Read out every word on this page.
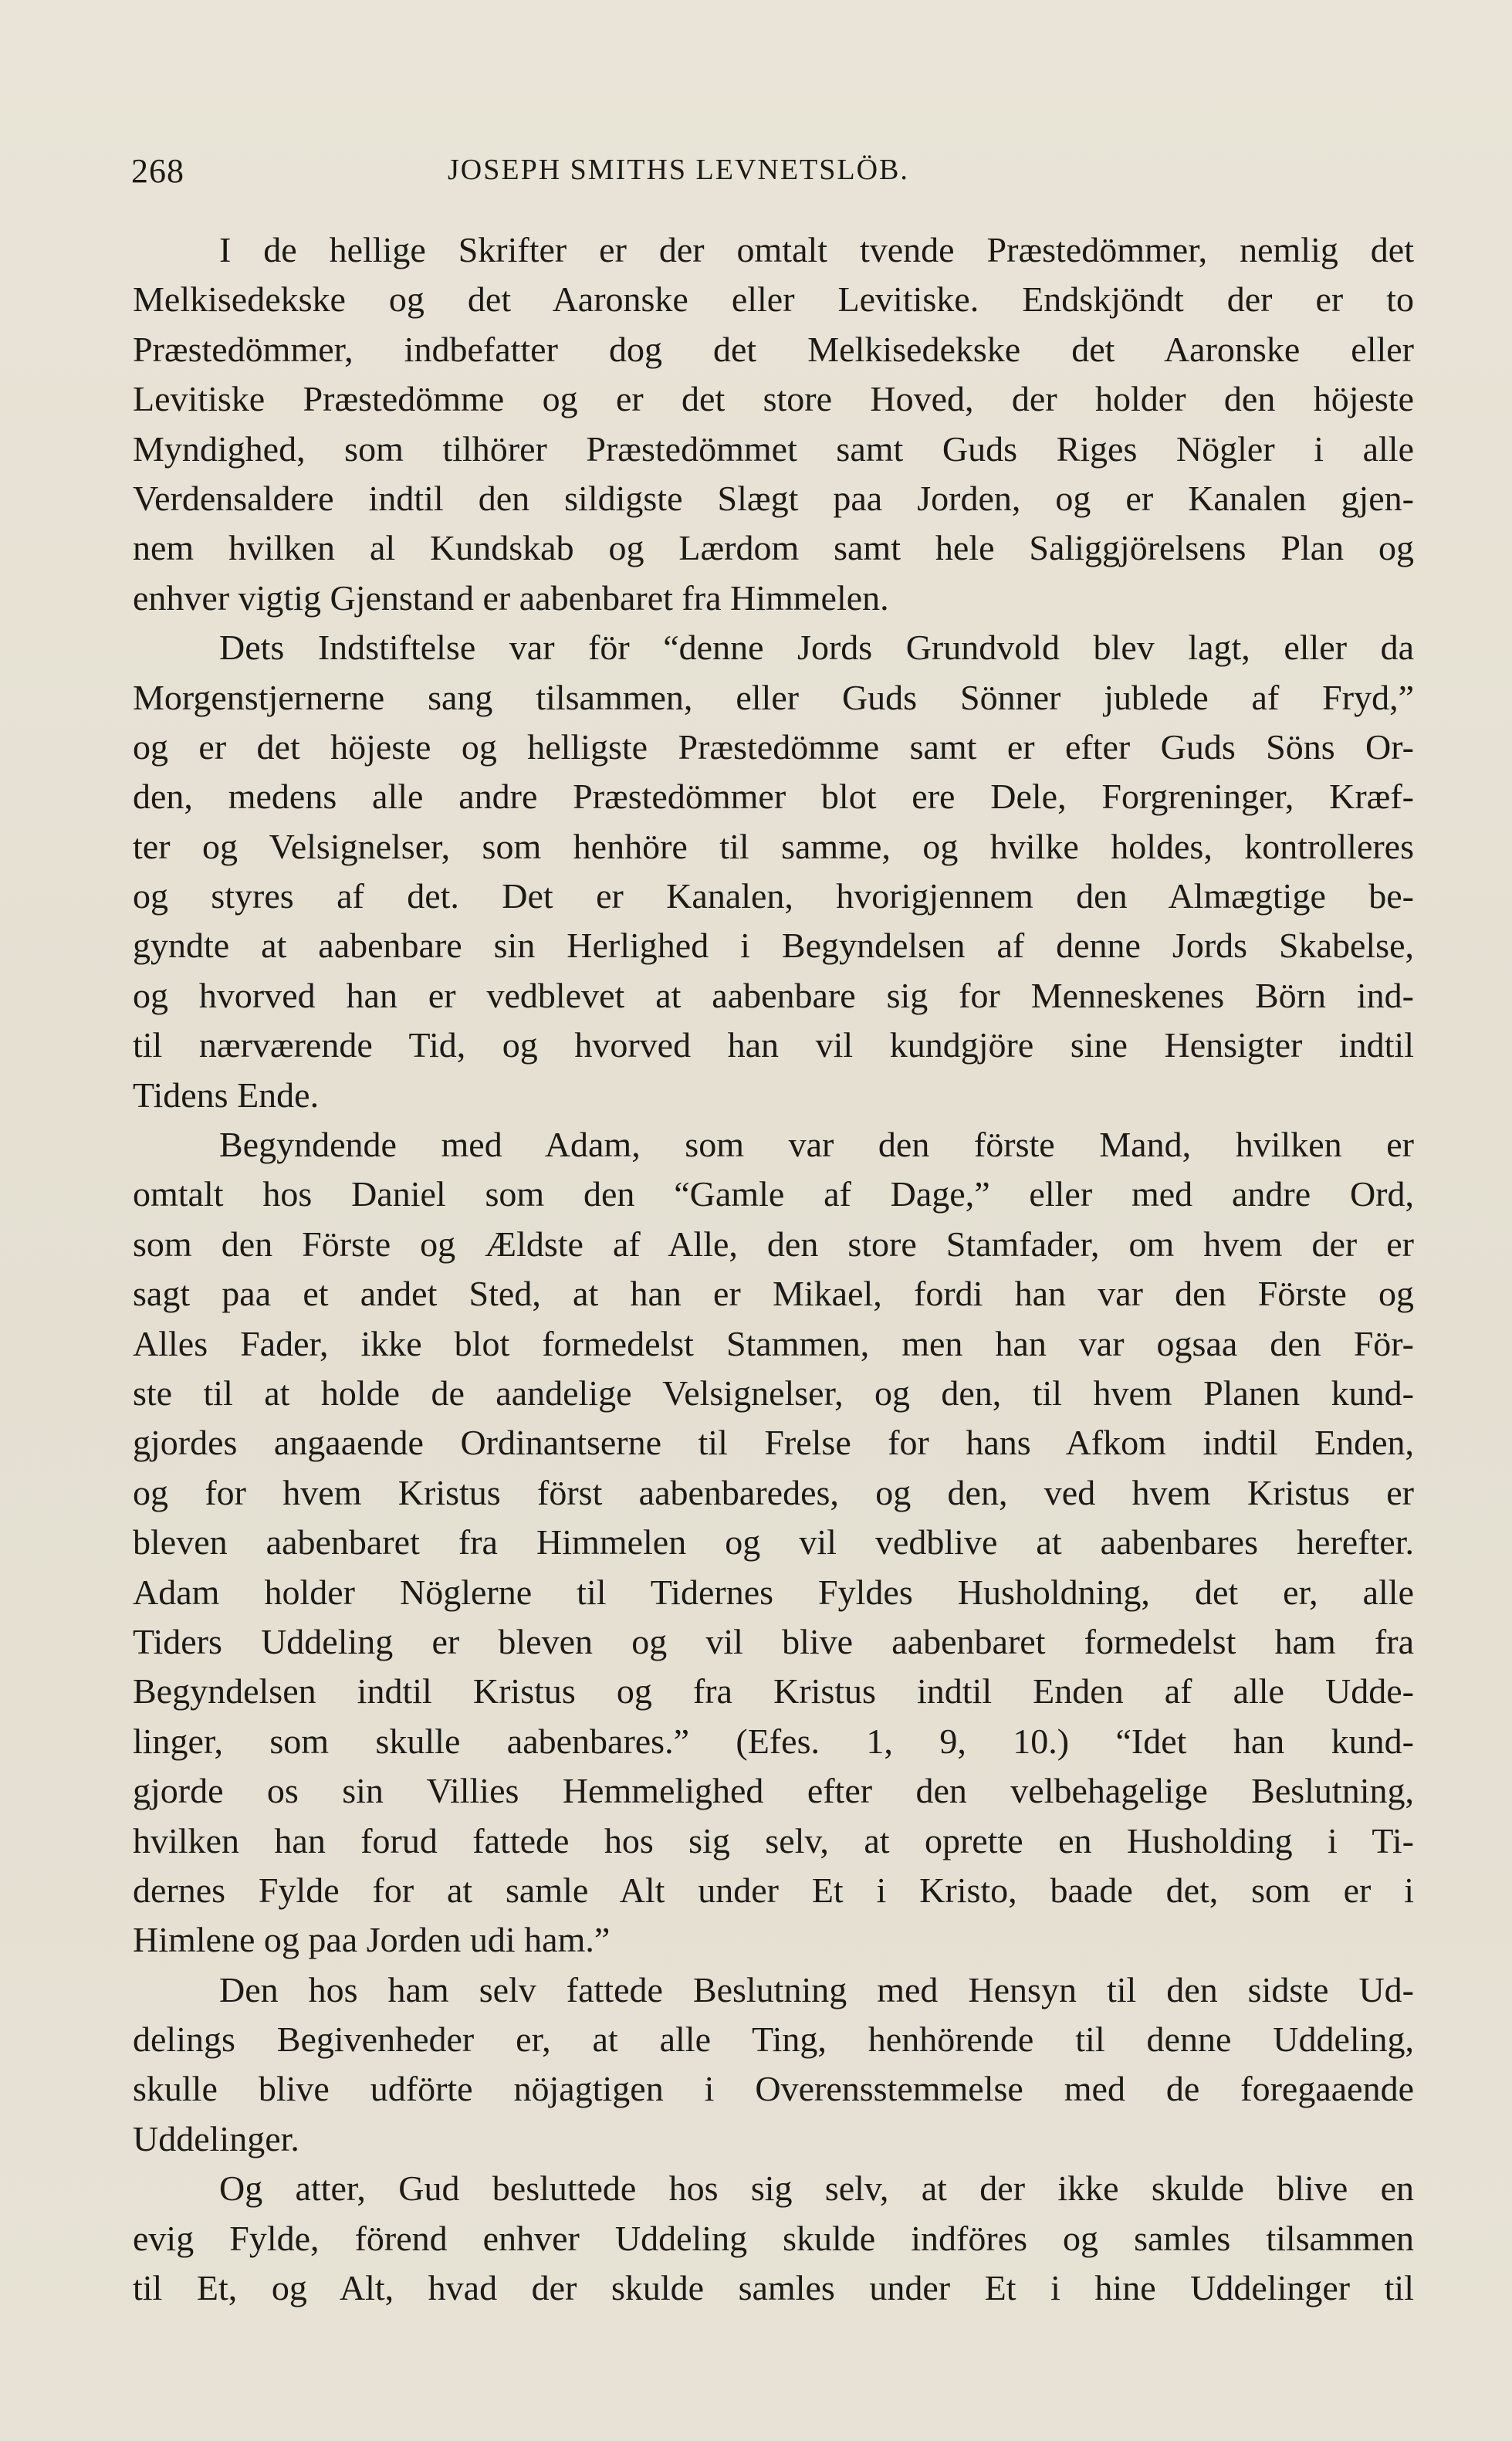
268	JOSEPH SMITHS LEVNETSLÖB.
I de hellige Skrifter er der omtalt tvende Præstedömmer, nemlig det
Melkisedekske og det Aaronske eller Levitiske. Endskjöndt der er to
Præstedömmer, indbefatter dog det Melkisedekske det Aaronske eller
Levitiske Præstedömme og er det store Hoved, der holder den höjeste
Myndighed, som tilhörer Præstedömmet samt Guds Riges Nögler i alle
Verdensaldere indtil den sildigste Slægt paa Jorden, og er Kanalen gjen-
nem hvilken al Kundskab og Lærdom samt hele Saliggjörelsens Plan og
enhver vigtig Gjenstand er aabenbaret fra Himmelen.
Dets Indstiftelse var för “denne Jords Grundvold blev lagt, eller da
Morgenstjernerne sang tilsammen, eller Guds Sönner jublede af Fryd,”
og er det höjeste og helligste Præstedömme samt er efter Guds Söns Or-
den, medens alle andre Præstedömmer blot ere Dele, Forgreninger, Kræf-
ter og Velsignelser, som henhöre til samme, og hvilke holdes, kontrolleres
og styres af det. Det er Kanalen, hvorigjennem den Almægtige be-
gyndte at aabenbare sin Herlighed i Begyndelsen af denne Jords Skabelse,
og hvorved han er vedblevet at aabenbare sig for Menneskenes Börn ind-
til nærværende Tid, og hvorved han vil kundgjöre sine Hensigter indtil
Tidens Ende.
Begyndende med Adam, som var den förste Mand, hvilken er
omtalt hos Daniel som den “Gamle af Dage,” eller med andre Ord,
som den Förste og Ældste af Alle, den store Stamfader, om hvem der er
sagt paa et andet Sted, at han er Mikael, fordi han var den Förste og
Alles Fader, ikke blot formedelst Stammen, men han var ogsaa den För-
ste til at holde de aandelige Velsignelser, og den, til hvem Planen kund-
gjordes angaaende Ordinantserne til Frelse for hans Afkom indtil Enden,
og for hvem Kristus först aabenbaredes, og den, ved hvem Kristus er
bleven aabenbaret fra Himmelen og vil vedblive at aabenbares herefter.
Adam holder Nöglerne til Tidernes Fyldes Husholdning, det er, alle
Tiders Uddeling er bleven og vil blive aabenbaret formedelst ham fra
Begyndelsen indtil Kristus og fra Kristus indtil Enden af alle Udde-
linger, som skulle aabenbares.” (Efes. 1, 9, 10.) “Idet han kund-
gjorde os sin Villies Hemmelighed efter den velbehagelige Beslutning,
hvilken han forud fattede hos sig selv, at oprette en Husholding i Ti-
dernes Fylde for at samle Alt under Et i Kristo, baade det, som er i
Himlene og paa Jorden udi ham.”
Den hos ham selv fattede Beslutning med Hensyn til den sidste Ud-
delings Begivenheder er, at alle Ting, henhörende til denne Uddeling,
skulle blive udförte nöjagtigen i Overensstemmelse med de foregaaende
Uddelinger.
Og atter, Gud besluttede hos sig selv, at der ikke skulde blive en
evig Fylde, förend enhver Uddeling skulde indföres og samles tilsammen
til Et, og Alt, hvad der skulde samles under Et i hine Uddelinger til
